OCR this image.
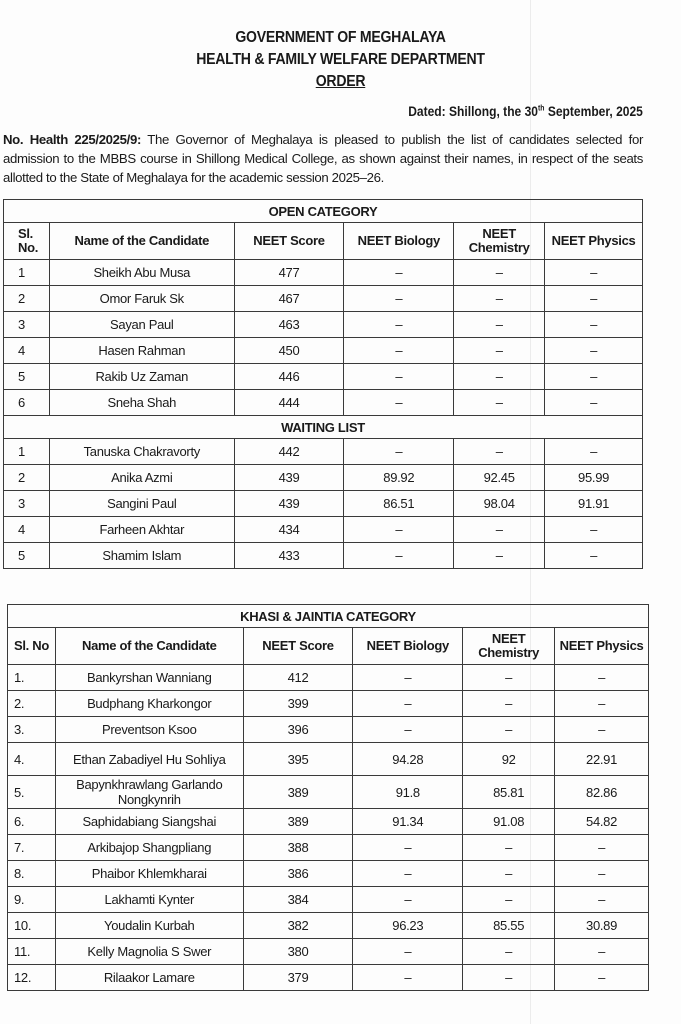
GOVERNMENT OF MEGHALAYA
HEALTH & FAMILY WELFARE DEPARTMENT
ORDER
Dated: Shillong, the 30th September, 2025
No. Health 225/2025/9: The Governor of Meghalaya is pleased to publish the list of candidates selected for admission to the MBBS course in Shillong Medical College, as shown against their names, in respect of the seats allotted to the State of Meghalaya for the academic session 2025–26.
OPEN CATEGORY					
Sl. No.	Name of the Candidate	NEET Score	NEET Biology	NEET Chemistry	NEET Physics
1	Sheikh Abu Musa	477	–	–	–
2	Omor Faruk Sk	467	–	–	–
3	Sayan Paul	463	–	–	–
4	Hasen Rahman	450	–	–	–
5	Rakib Uz Zaman	446	–	–	–
6	Sneha Shah	444	–	–	–
WAITING LIST					
1	Tanuska Chakravorty	442	–	–	–
2	Anika Azmi	439	89.92	92.45	95.99
3	Sangini Paul	439	86.51	98.04	91.91
4	Farheen Akhtar	434	–	–	–
5	Shamim Islam	433	–	–	–
KHASI & JAINTIA CATEGORY					
Sl. No	Name of the Candidate	NEET Score	NEET Biology	NEET Chemistry	NEET Physics
1.	Bankyrshan Wanniang	412	–	–	–
2.	Budphang Kharkongor	399	–	–	–
3.	Preventson Ksoo	396	–	–	–
4.	Ethan Zabadiyel Hu Sohliya	395	94.28	92	22.91
5.	Bapynkhrawlang Garlando Nongkynrih	389	91.8	85.81	82.86
6.	Saphidabiang Siangshai	389	91.34	91.08	54.82
7.	Arkibajop Shangpliang	388	–	–	–
8.	Phaibor Khlemkharai	386	–	–	–
9.	Lakhamti Kynter	384	–	–	–
10.	Youdalin Kurbah	382	96.23	85.55	30.89
11.	Kelly Magnolia S Swer	380	–	–	–
12.	Rilaakor Lamare	379	–	–	–
